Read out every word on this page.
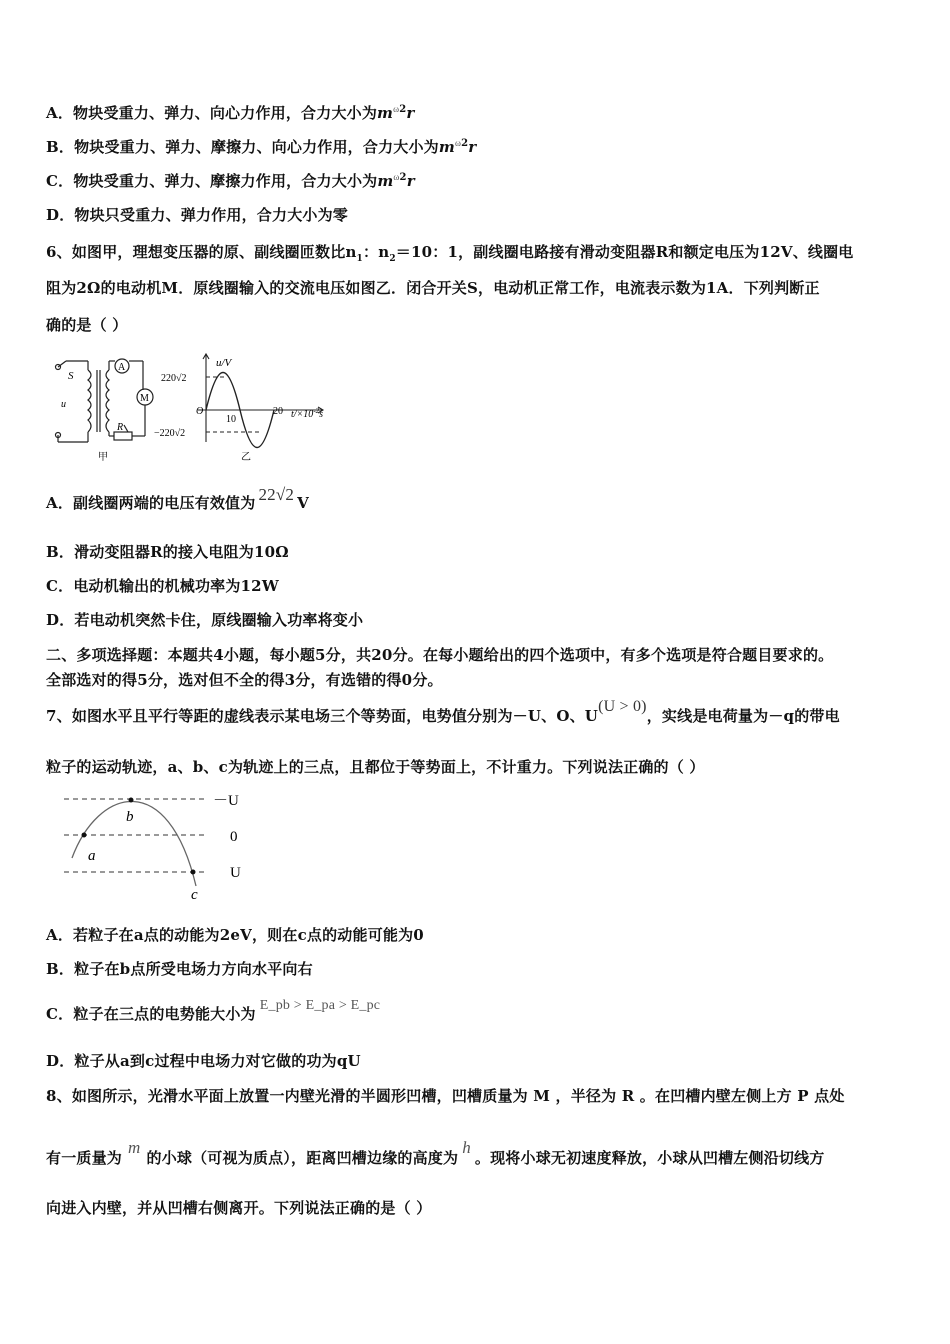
A．物块受重力、弹力、向心力作用，合力大小为$m^{\omega 2}r$
B．物块受重力、弹力、摩擦力、向心力作用，合力大小为$m^{\omega 2}r$
C．物块受重力、弹力、摩擦力作用，合力大小为$m^{\omega 2}r$
D．物块只受重力、弹力作用，合力大小为零
6、如图甲，理想变压器的原、副线圈匝数比$n_1$：$n_2=10$：1，副线圈电路接有滑动变阻器R和额定电压为12V、线圈电
阻为2Ω的电动机M．原线圈输入的交流电压如图乙．闭合开关S，电动机正常工作，电流表示数为1A．下列判断正
确的是（ ）
S
u
A
M
R
甲
u/V
220√2
−220√2
O
10
20 $t/\times 10^{-2}s$
乙
A．副线圈两端的电压有效值为 22√2 V
B．滑动变阻器R的接入电阻为10Ω
C．电动机输出的机械功率为12W
D．若电动机突然卡住，原线圈输入功率将变小
二、多项选择题：本题共4小题，每小题5分，共20分。在每小题给出的四个选项中，有多个选项是符合题目要求的。
全部选对的得5分，选对但不全的得3分，有选错的得0分。
7、如图水平且平行等距的虚线表示某电场三个等势面，电势值分别为－U、O、U(U > 0)，实线是电荷量为－q的带电
粒子的运动轨迹，a、b、c为轨迹上的三点，且都位于等势面上，不计重力。下列说法正确的（ ）
－U
0
U
a
b
c
A．若粒子在a点的动能为2eV，则在c点的动能可能为0
B．粒子在b点所受电场力方向水平向右
C．粒子在三点的电势能大小为 E_pb > E_pa > E_pc
D．粒子从a到c过程中电场力对它做的功为qU
8、如图所示，光滑水平面上放置一内壁光滑的半圆形凹槽，凹槽质量为 M ，半径为 R 。在凹槽内壁左侧上方 P 点处
有一质量为m的小球（可视为质点），距离凹槽边缘的高度为h。现将小球无初速度释放，小球从凹槽左侧沿切线方
向进入内壁，并从凹槽右侧离开。下列说法正确的是（ ）
